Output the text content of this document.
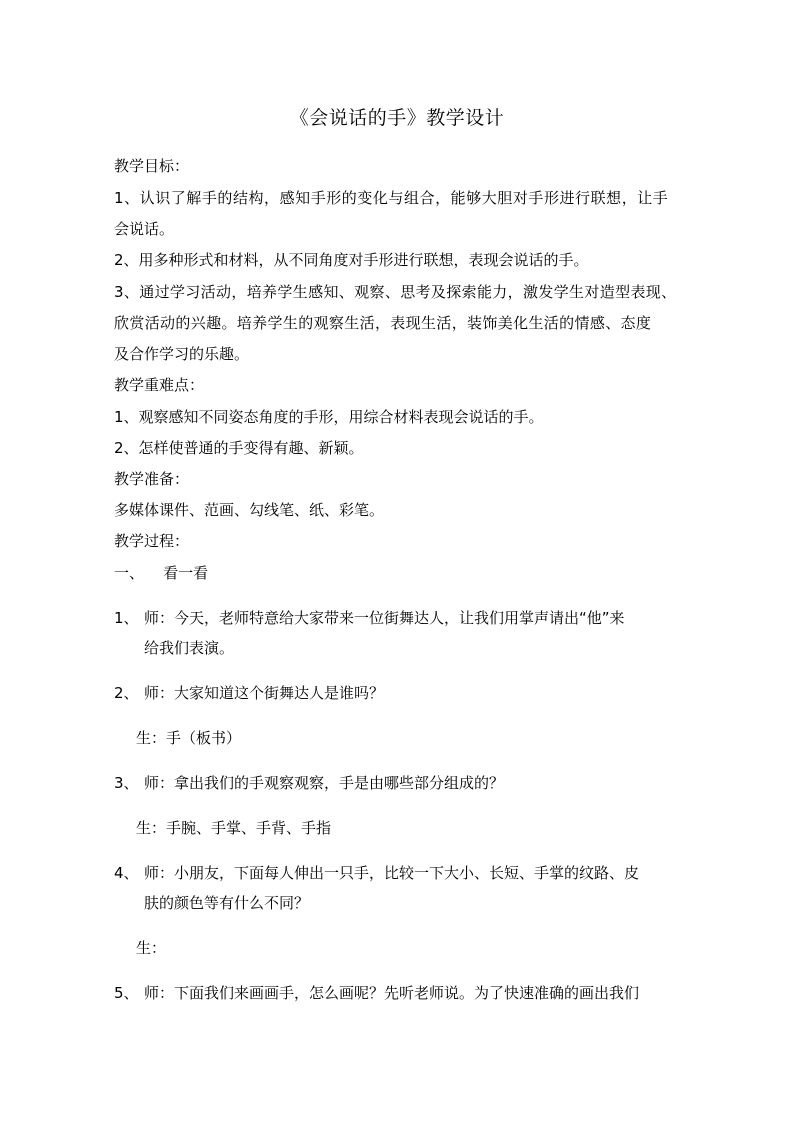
《会说话的手》教学设计
教学目标：
1、认识了解手的结构，感知手形的变化与组合，能够大胆对手形进行联想，让手
会说话。
2、用多种形式和材料，从不同角度对手形进行联想，表现会说话的手。
3、通过学习活动，培养学生感知、观察、思考及探索能力，激发学生对造型表现、
欣赏活动的兴趣。培养学生的观察生活，表现生活，装饰美化生活的情感、态度
及合作学习的乐趣。
教学重难点：
1、观察感知不同姿态角度的手形，用综合材料表现会说话的手。
2、怎样使普通的手变得有趣、新颖。
教学准备：
多媒体课件、范画、勾线笔、纸、彩笔。
教学过程：
一、    看一看
1、 师：今天，老师特意给大家带来一位街舞达人，让我们用掌声请出“他”来
给我们表演。
2、 师：大家知道这个街舞达人是谁吗？
生：手（板书）
3、 师：拿出我们的手观察观察，手是由哪些部分组成的？
生：手腕、手掌、手背、手指
4、 师：小朋友，下面每人伸出一只手，比较一下大小、长短、手掌的纹路、皮
肤的颜色等有什么不同？
生：
5、 师：下面我们来画画手，怎么画呢？先听老师说。为了快速准确的画出我们
